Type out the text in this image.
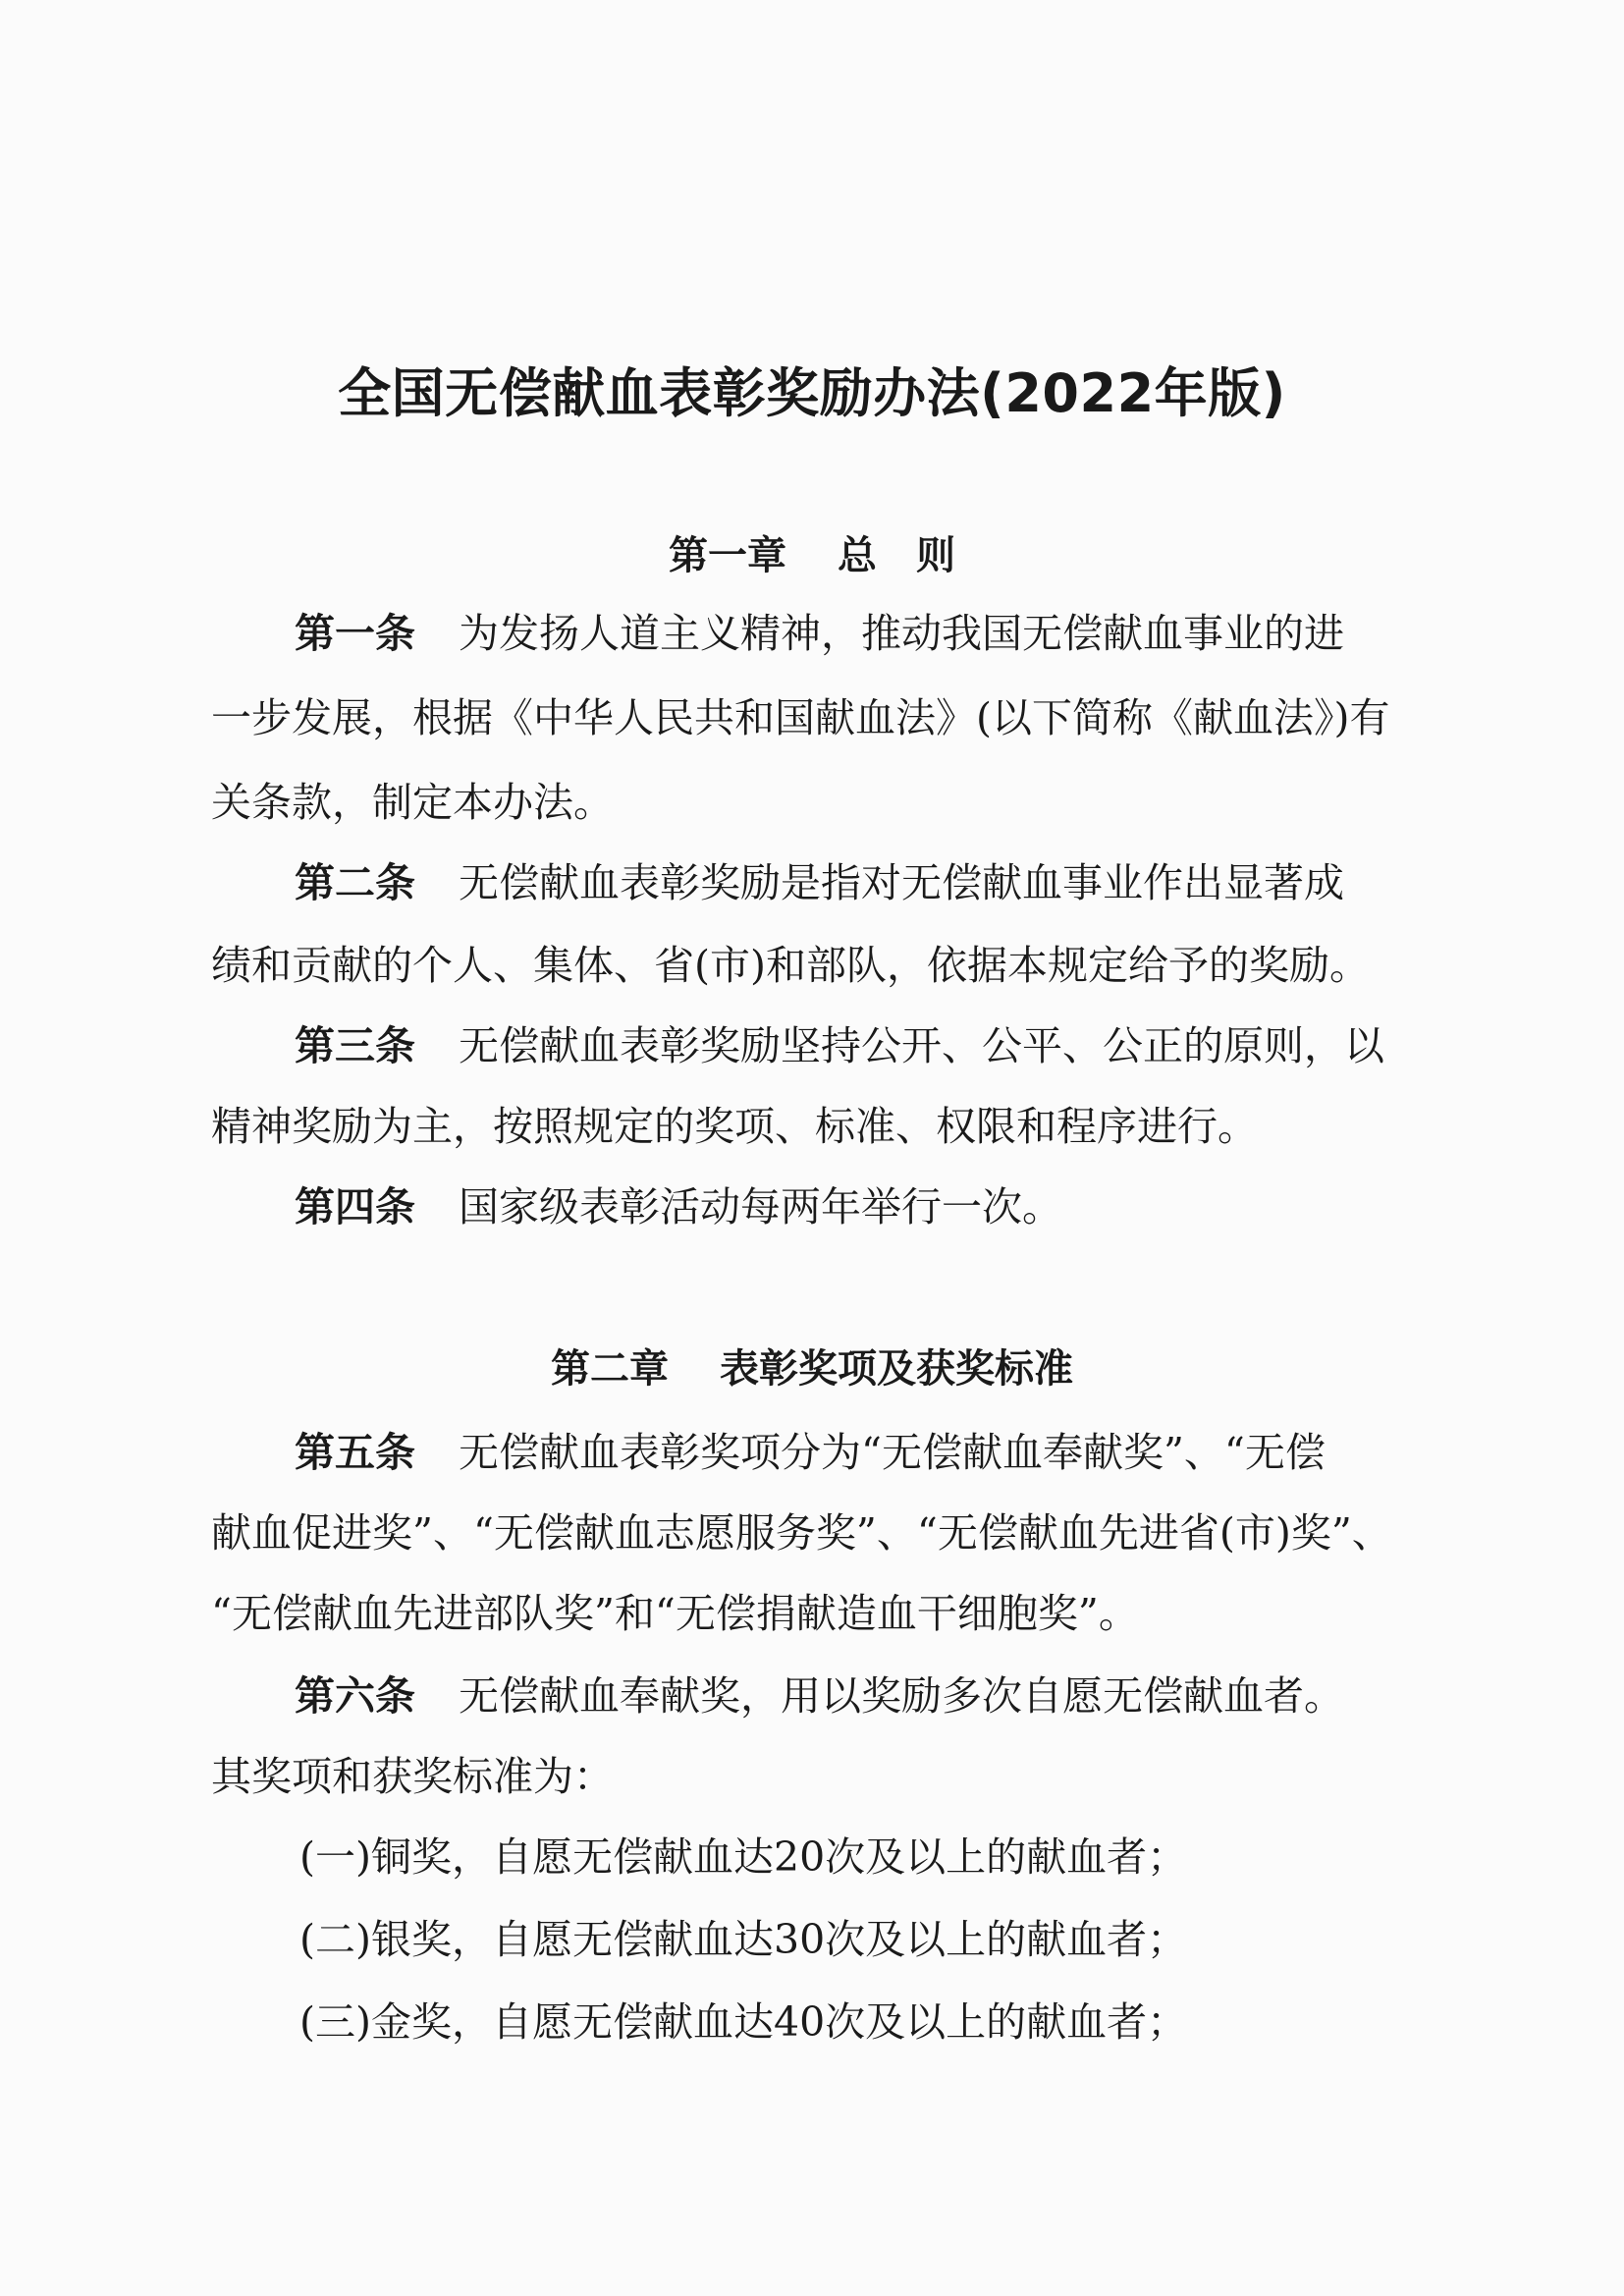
全国无偿献血表彰奖励办法(2022年版)
第一章 总　则
第一条 为发扬人道主义精神，推动我国无偿献血事业的进
一步发展，根据《中华人民共和国献血法》(以下简称《献血法》)有
关条款，制定本办法。
第二条 无偿献血表彰奖励是指对无偿献血事业作出显著成
绩和贡献的个人、集体、省(市)和部队，依据本规定给予的奖励。
第三条 无偿献血表彰奖励坚持公开、公平、公正的原则，以
精神奖励为主，按照规定的奖项、标准、权限和程序进行。
第四条 国家级表彰活动每两年举行一次。
第二章 表彰奖项及获奖标准
第五条 无偿献血表彰奖项分为“无偿献血奉献奖”、“无偿
献血促进奖”、“无偿献血志愿服务奖”、“无偿献血先进省(市)奖”、
“无偿献血先进部队奖”和“无偿捐献造血干细胞奖”。
第六条 无偿献血奉献奖，用以奖励多次自愿无偿献血者。
其奖项和获奖标准为：
(一)铜奖，自愿无偿献血达20次及以上的献血者；
(二)银奖，自愿无偿献血达30次及以上的献血者；
(三)金奖，自愿无偿献血达40次及以上的献血者；
